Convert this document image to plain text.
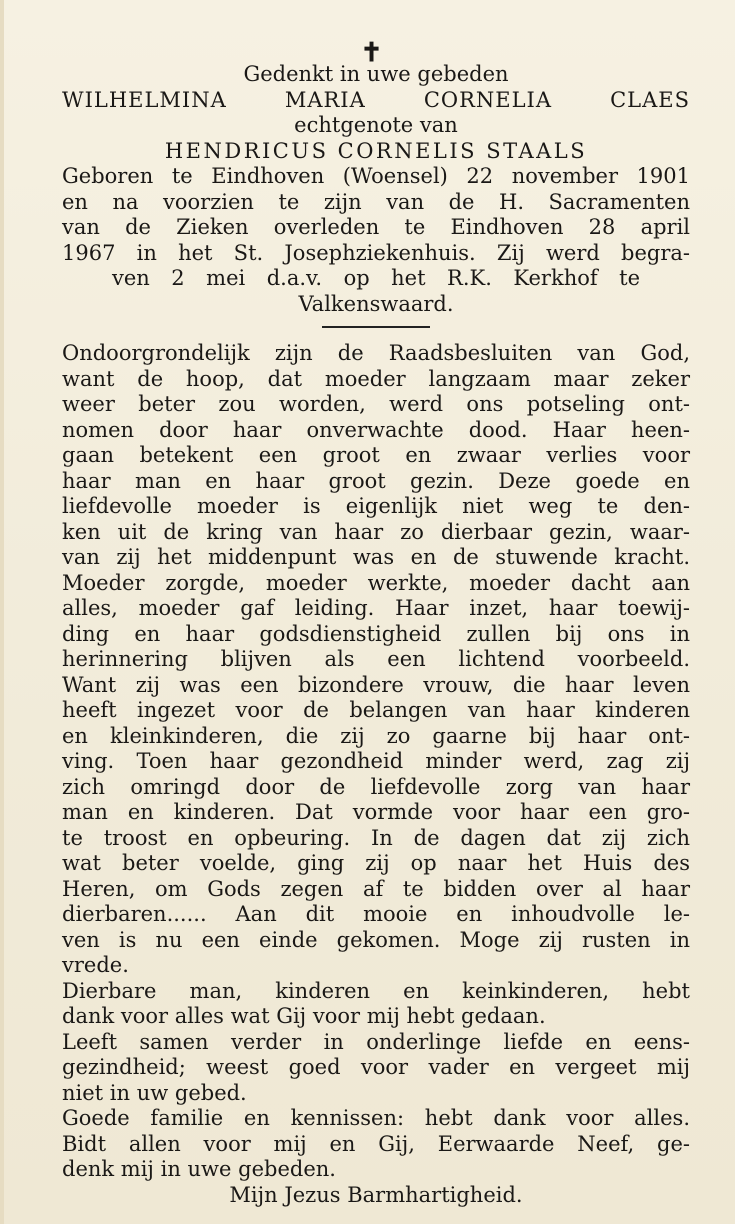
✝
Gedenkt in uwe gebeden
WILHELMINA	MARIA	CORNELIA	CLAES
echtgenote van
HENDRICUS CORNELIS STAALS
Geboren te Eindhoven (Woensel) 22 november 1901
en na voorzien te zijn van de H. Sacramenten
van de Zieken overleden te Eindhoven 28 april
1967 in het St. Josephziekenhuis. Zij werd begra-
ven 2 mei d.a.v. op het R.K. Kerkhof te
Valkenswaard.
Ondoorgrondelijk zijn de Raadsbesluiten van God,
want de hoop, dat moeder langzaam maar zeker
weer beter zou worden, werd ons potseling ont-
nomen door haar onverwachte dood. Haar heen-
gaan betekent een groot en zwaar verlies voor
haar man en haar groot gezin. Deze goede en
liefdevolle moeder is eigenlijk niet weg te den-
ken uit de kring van haar zo dierbaar gezin, waar-
van zij het middenpunt was en de stuwende kracht.
Moeder zorgde, moeder werkte, moeder dacht aan
alles, moeder gaf leiding. Haar inzet, haar toewij-
ding en haar godsdienstigheid zullen bij ons in
herinnering blijven als een lichtend voorbeeld.
Want zij was een bizondere vrouw, die haar leven
heeft ingezet voor de belangen van haar kinderen
en kleinkinderen, die zij zo gaarne bij haar ont-
ving. Toen haar gezondheid minder werd, zag zij
zich omringd door de liefdevolle zorg van haar
man en kinderen. Dat vormde voor haar een gro-
te troost en opbeuring. In de dagen dat zij zich
wat beter voelde, ging zij op naar het Huis des
Heren, om Gods zegen af te bidden over al haar
dierbaren...... Aan dit mooie en inhoudvolle le-
ven is nu een einde gekomen. Moge zij rusten in
vrede.
Dierbare man, kinderen en keinkinderen, hebt
dank voor alles wat Gij voor mij hebt gedaan.
Leeft samen verder in onderlinge liefde en eens-
gezindheid; weest goed voor vader en vergeet mij
niet in uw gebed.
Goede familie en kennissen: hebt dank voor alles.
Bidt allen voor mij en Gij, Eerwaarde Neef, ge-
denk mij in uwe gebeden.
Mijn Jezus Barmhartigheid.
